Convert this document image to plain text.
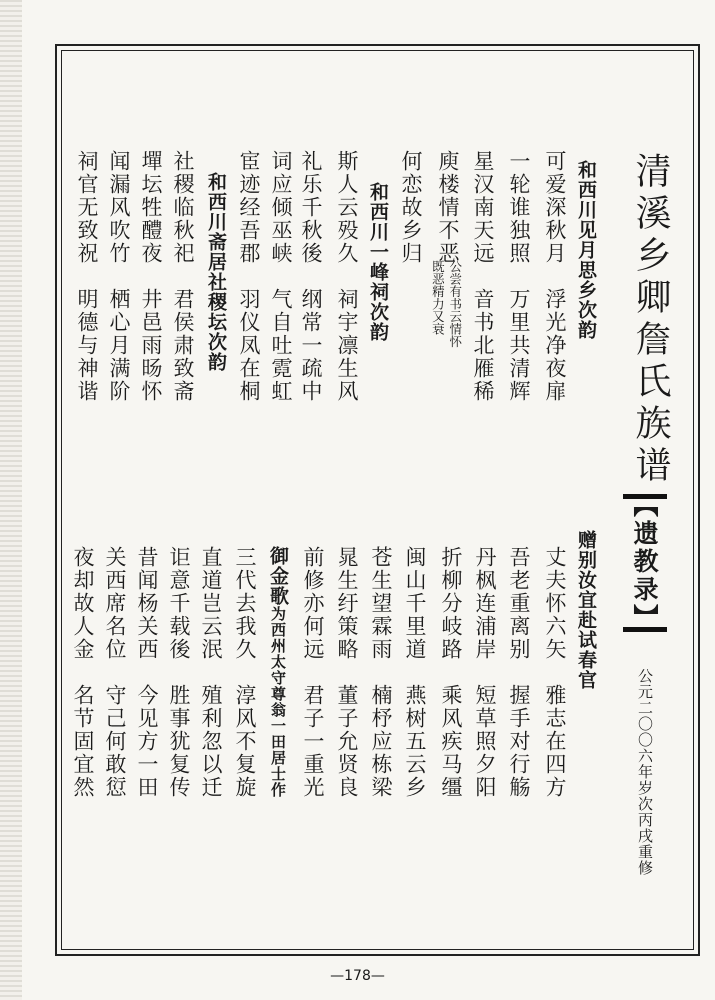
清溪乡卿詹氏族谱
【遗教录】
公元二〇〇六年岁次丙戌重修
和西川见月思乡次韵
可爱深秋月　浮光净夜扉
一轮谁独照　万里共清辉
星汉南天远　音书北雁稀
庾楼情不恶
公尝有书云情怀
既恶精力又衰
何恋故乡归
和西川一峰祠次韵
斯人云殁久　祠宇凛生风
礼乐千秋後　纲常一疏中
词应倾巫峡　气自吐霓虹
宦迹经吾郡　羽仪凤在桐
和西川斋居社稷坛次韵
社稷临秋祀　君侯肃致斋
墠坛牲醴夜　井邑雨旸怀
闻漏风吹竹　栖心月满阶
祠官无致祝　明德与神谐
赠别汝宜赴试春官
丈夫怀六矢　雅志在四方
吾老重离别　握手对行觞
丹枫连浦岸　短草照夕阳
折柳分岐路　乘风疾马缰
闽山千里道　燕树五云乡
苍生望霖雨　楠杼应栋梁
晁生纡策略　董子允贤良
前修亦何远　君子一重光
御金歌为西州太守尊翁一田居士作
三代去我久　淳风不复旋
直道岂云泯　殖利忽以迁
讵意千载後　胜事犹复传
昔闻杨关西　今见方一田
关西席名位　守己何敢愆
夜却故人金　名节固宜然
—178—
